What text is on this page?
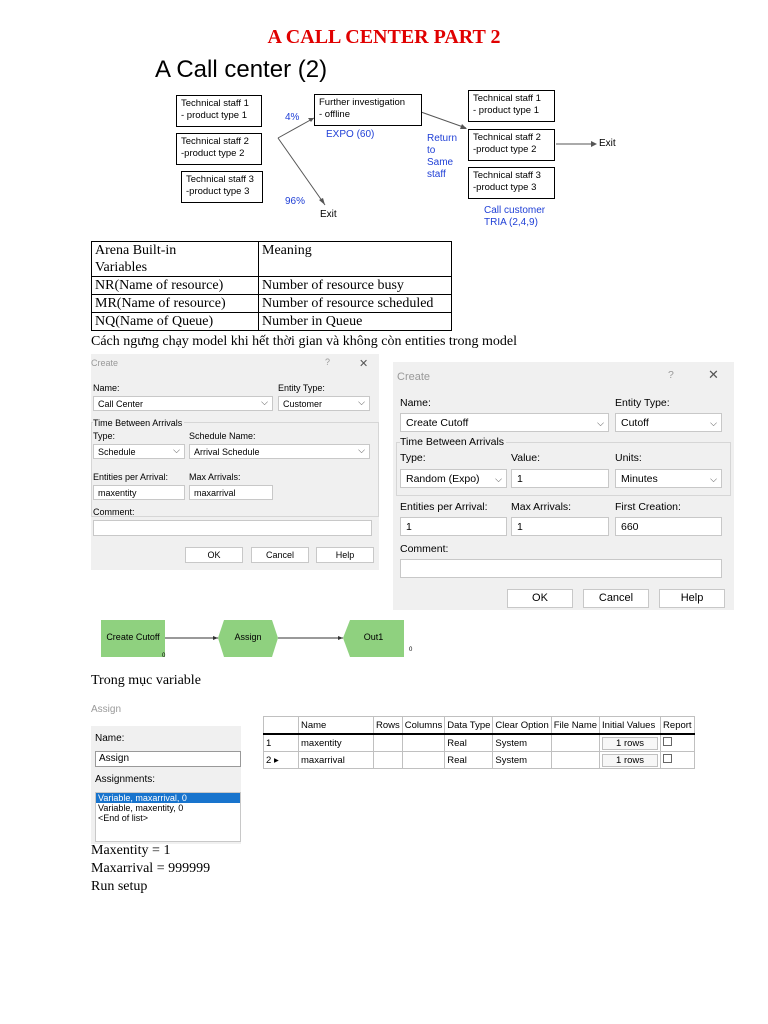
A CALL CENTER PART 2
A Call center (2)
Technical staff 1
- product type 1
Technical staff 2
-product type 2
Technical staff 3
-product type 3
4%
96%
Further investigation
- offline
EXPO (60)	Return
to
Same
staff
Technical staff 1
- product type 1
Technical staff 2
-product type 2
Technical staff 3
-product type 3
Exit
Exit	Call customer
TRIA (2,4,9)
Arena Built-in
Variables	Meaning
NR(Name of resource)	Number of resource busy
MR(Name of resource)	Number of resource scheduled
NQ(Name of Queue)	Number in Queue
Cách ngưng chạy model khi hết thời gian và không còn entities trong model
Create	?	✕
Name:
Call Center	⌵
Entity Type:
Customer	⌵
Time Between Arrivals
Type:
Schedule	⌵
Schedule Name:
Arrival Schedule	⌵
Entities per Arrival:
maxentity
Max Arrivals:
maxarrival
Comment:
OK	Cancel	Help
Create	?	✕
Name:
Create Cutoff	⌵
Entity Type:
Cutoff	⌵
Time Between Arrivals
Type:
Random (Expo) ⌵
Value:
1
Units:
Minutes	⌵
Entities per Arrival:
1
Max Arrivals:
1
First Creation:
660
Comment:
OK	Cancel	Help
Create Cutoff	Assign	Out1
0
0
Trong mục variable
Assign
Name:
Assign
Assignments:
Variable, maxarrival, 0
Variable, maxentity, 0
<End of list>
	Name	Rows	Columns	Data Type	Clear Option	File Name	Initial Values	Report
1	maxentity			Real	System		1 rows	
2 ▸	maxarrival			Real	System		1 rows	
Maxentity = 1
Maxarrival = 999999
Run setup
